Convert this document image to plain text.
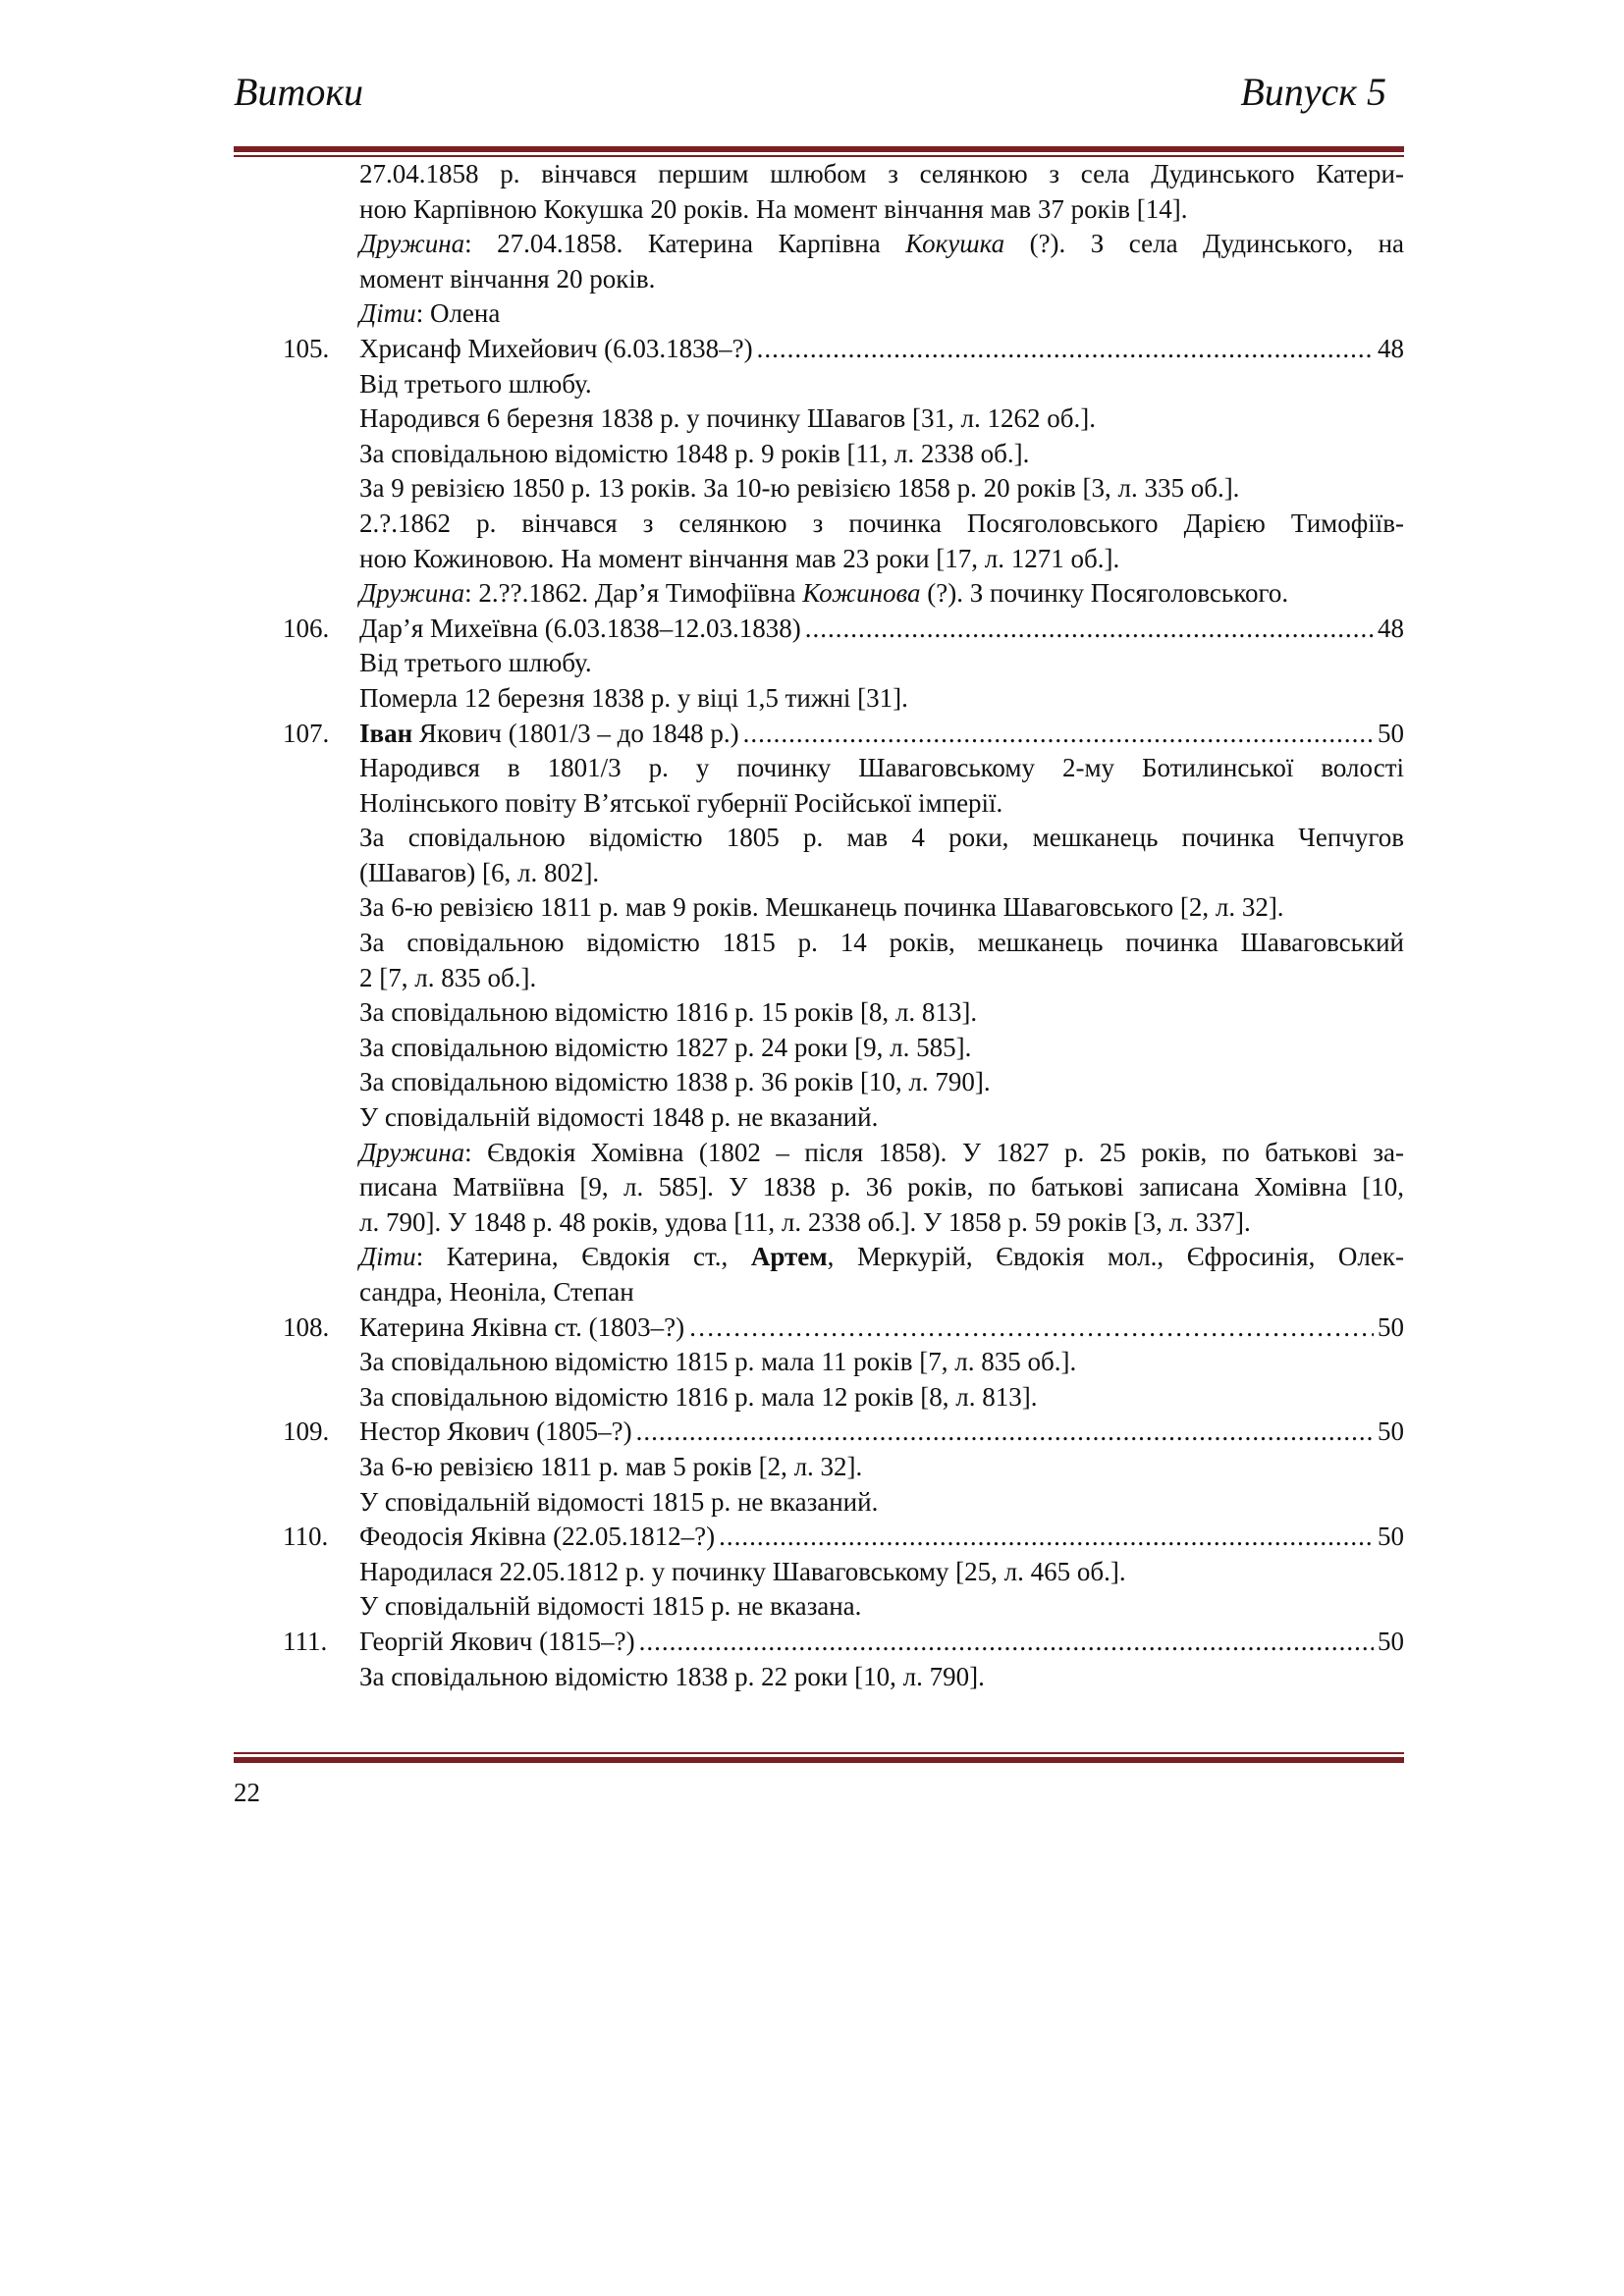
Витоки	Випуск 5
27.04.1858 р. вінчався першим шлюбом з селянкою з села Дудинського Катери-
ною Карпівною Кокушка 20 років. На момент вінчання мав 37 років [14].
Дружина: 27.04.1858. Катерина Карпівна Кокушка (?). З села Дудинського, на
момент вінчання 20 років.
Діти: Олена
105. Хрисанф Михейович (6.03.1838–?) .....	48
Від третього шлюбу.
Народився 6 березня 1838 р. у починку Шавагов [31, л. 1262 об.].
За сповідальною відомістю 1848 р. 9 років [11, л. 2338 об.].
За 9 ревізією 1850 р. 13 років. За 10-ю ревізією 1858 р. 20 років [3, л. 335 об.].
2.?.1862 р. вінчався з селянкою з починка Посяголовського Дарією Тимофіїв-
ною Кожиновою. На момент вінчання мав 23 роки [17, л. 1271 об.].
Дружина: 2.??.1862. Дар’я Тимофіївна Кожинова (?). З починку Посяголовського.
106. Дар’я Михеївна (6.03.1838–12.03.1838) .....	48
Від третього шлюбу.
Померла 12 березня 1838 р. у віці 1,5 тижні [31].
107. Іван Якович (1801/3 – до 1848 р.) .....	50
Народився в 1801/3 р. у починку Шаваговському 2-му Ботилинської волості
Нолінського повіту В’ятської губернії Російської імперії.
За сповідальною відомістю 1805 р. мав 4 роки, мешканець починка Чепчугов
(Шавагов) [6, л. 802].
За 6-ю ревізією 1811 р. мав 9 років. Мешканець починка Шаваговського [2, л. 32].
За сповідальною відомістю 1815 р. 14 років, мешканець починка Шаваговський
2 [7, л. 835 об.].
За сповідальною відомістю 1816 р. 15 років [8, л. 813].
За сповідальною відомістю 1827 р. 24 роки [9, л. 585].
За сповідальною відомістю 1838 р. 36 років [10, л. 790].
У сповідальній відомості 1848 р. не вказаний.
Дружина: Євдокія Хомівна (1802 – після 1858). У 1827 р. 25 років, по батькові за-
писана Матвіївна [9, л. 585]. У 1838 р. 36 років, по батькові записана Хомівна [10,
л. 790]. У 1848 р. 48 років, удова [11, л. 2338 об.]. У 1858 р. 59 років [3, л. 337].
Діти: Катерина, Євдокія ст., Артем, Меркурій, Євдокія мол., Єфросинія, Олек-
сандра, Неоніла, Степан
108. Катерина Яківна ст. (1803–?) ………………………………………………………………………………………………………………………………………………………………………………	50
За сповідальною відомістю 1815 р. мала 11 років [7, л. 835 об.].
За сповідальною відомістю 1816 р. мала 12 років [8, л. 813].
109. Нестор Якович (1805–?) .....	50
За 6-ю ревізією 1811 р. мав 5 років [2, л. 32].
У сповідальній відомості 1815 р. не вказаний.
110. Феодосія Яківна (22.05.1812–?) .....	50
Народилася 22.05.1812 р. у починку Шаваговському [25, л. 465 об.].
У сповідальній відомості 1815 р. не вказана.
111. Георгій Якович (1815–?) .....	50
За сповідальною відомістю 1838 р. 22 роки [10, л. 790].
22
